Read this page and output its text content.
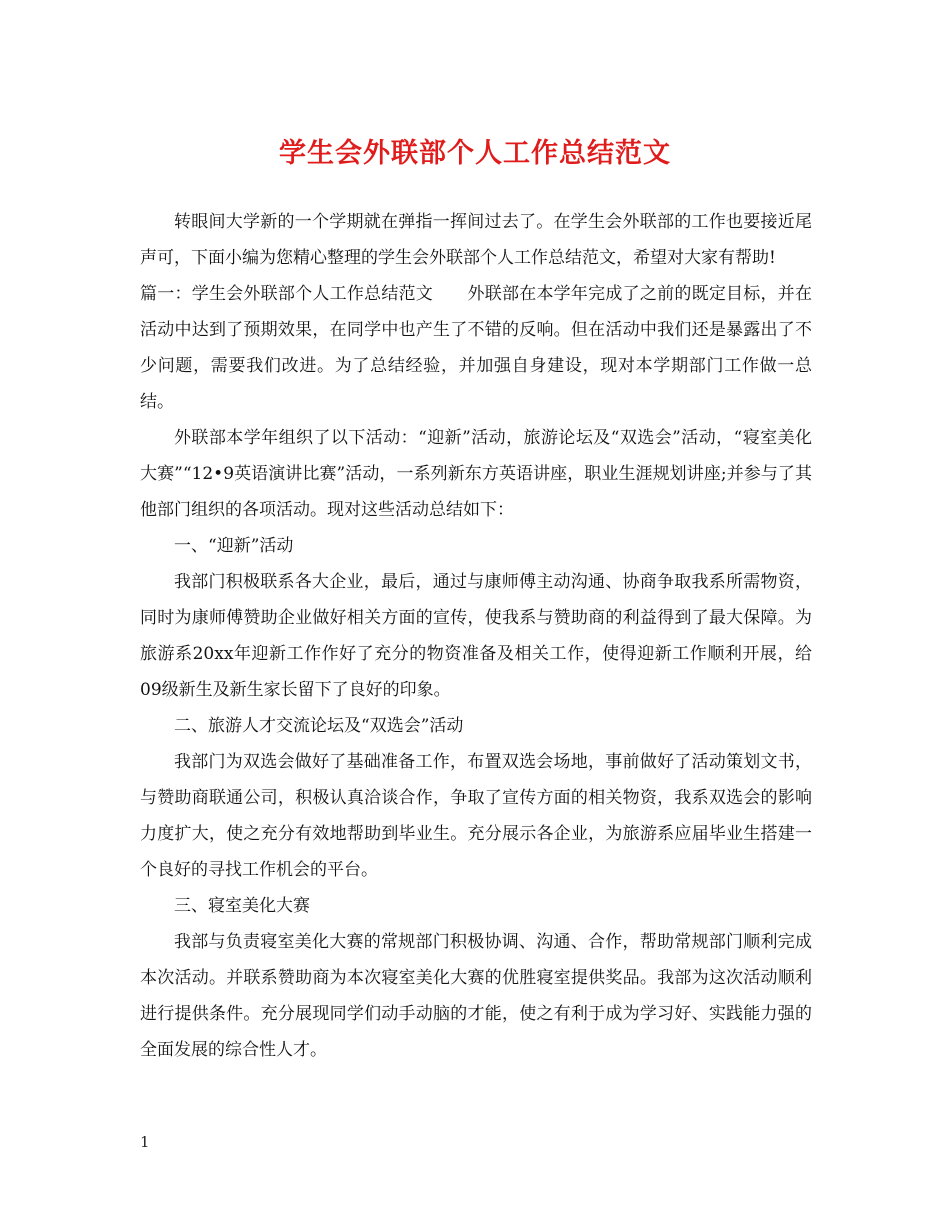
学生会外联部个人工作总结范文

转眼间大学新的一个学期就在弹指一挥间过去了。在学生会外联部的工作也要接近尾声可，下面小编为您精心整理的学生会外联部个人工作总结范文，希望对大家有帮助!

篇一：学生会外联部个人工作总结范文　　外联部在本学年完成了之前的既定目标，并在活动中达到了预期效果，在同学中也产生了不错的反响。但在活动中我们还是暴露出了不少问题，需要我们改进。为了总结经验，并加强自身建设，现对本学期部门工作做一总结。

外联部本学年组织了以下活动：“迎新”活动，旅游论坛及“双选会”活动，“寝室美化大赛”“12•9英语演讲比赛”活动，一系列新东方英语讲座，职业生涯规划讲座;并参与了其他部门组织的各项活动。现对这些活动总结如下：

一、“迎新”活动

我部门积极联系各大企业，最后，通过与康师傅主动沟通、协商争取我系所需物资，同时为康师傅赞助企业做好相关方面的宣传，使我系与赞助商的利益得到了最大保障。为旅游系20xx年迎新工作作好了充分的物资准备及相关工作，使得迎新工作顺利开展，给09级新生及新生家长留下了良好的印象。

二、旅游人才交流论坛及“双选会”活动

我部门为双选会做好了基础准备工作，布置双选会场地，事前做好了活动策划文书，与赞助商联通公司，积极认真洽谈合作，争取了宣传方面的相关物资，我系双选会的影响力度扩大，使之充分有效地帮助到毕业生。充分展示各企业，为旅游系应届毕业生搭建一个良好的寻找工作机会的平台。

三、寝室美化大赛

我部与负责寝室美化大赛的常规部门积极协调、沟通、合作，帮助常规部门顺利完成本次活动。并联系赞助商为本次寝室美化大赛的优胜寝室提供奖品。我部为这次活动顺利进行提供条件。充分展现同学们动手动脑的才能，使之有利于成为学习好、实践能力强的全面发展的综合性人才。

1
